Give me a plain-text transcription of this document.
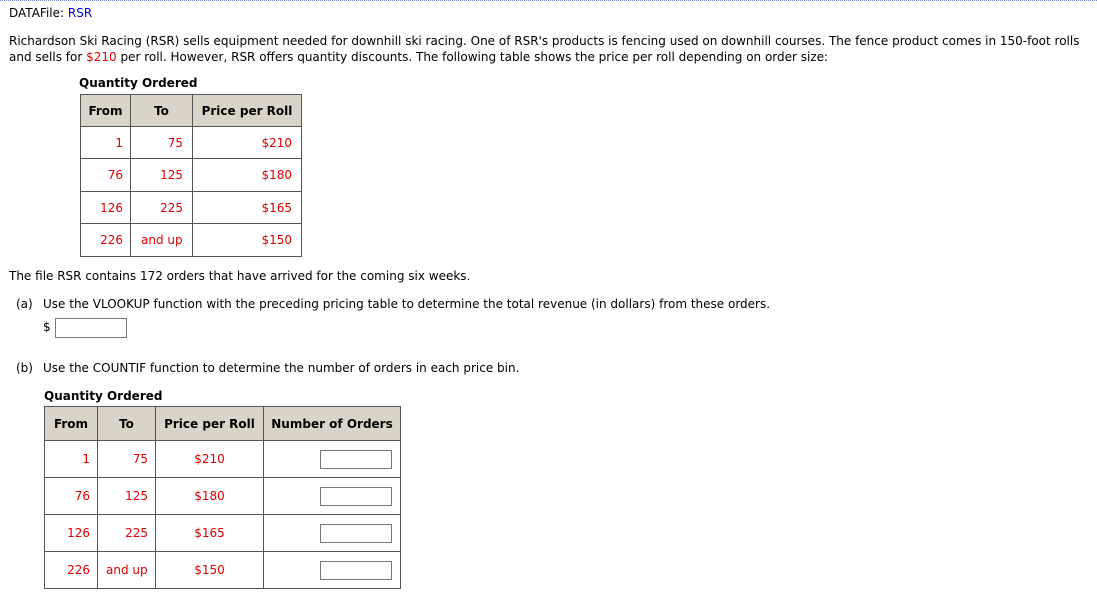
DATAFile: RSR
Richardson Ski Racing (RSR) sells equipment needed for downhill ski racing. One of RSR's products is fencing used on downhill courses. The fence product comes in 150-foot rolls and sells for $210 per roll. However, RSR offers quantity discounts. The following table shows the price per roll depending on order size:
Quantity Ordered
From	To	Price per Roll
1	75	$210
76	125	$180
126	225	$165
226	and up	$150
The file RSR contains 172 orders that have arrived for the coming six weeks.
(a) Use the VLOOKUP function with the preceding pricing table to determine the total revenue (in dollars) from these orders.
$
(b) Use the COUNTIF function to determine the number of orders in each price bin.
Quantity Ordered
From	To	Price per Roll	Number of Orders
1	75	$210	
76	125	$180	
126	225	$165	
226	and up	$150	
